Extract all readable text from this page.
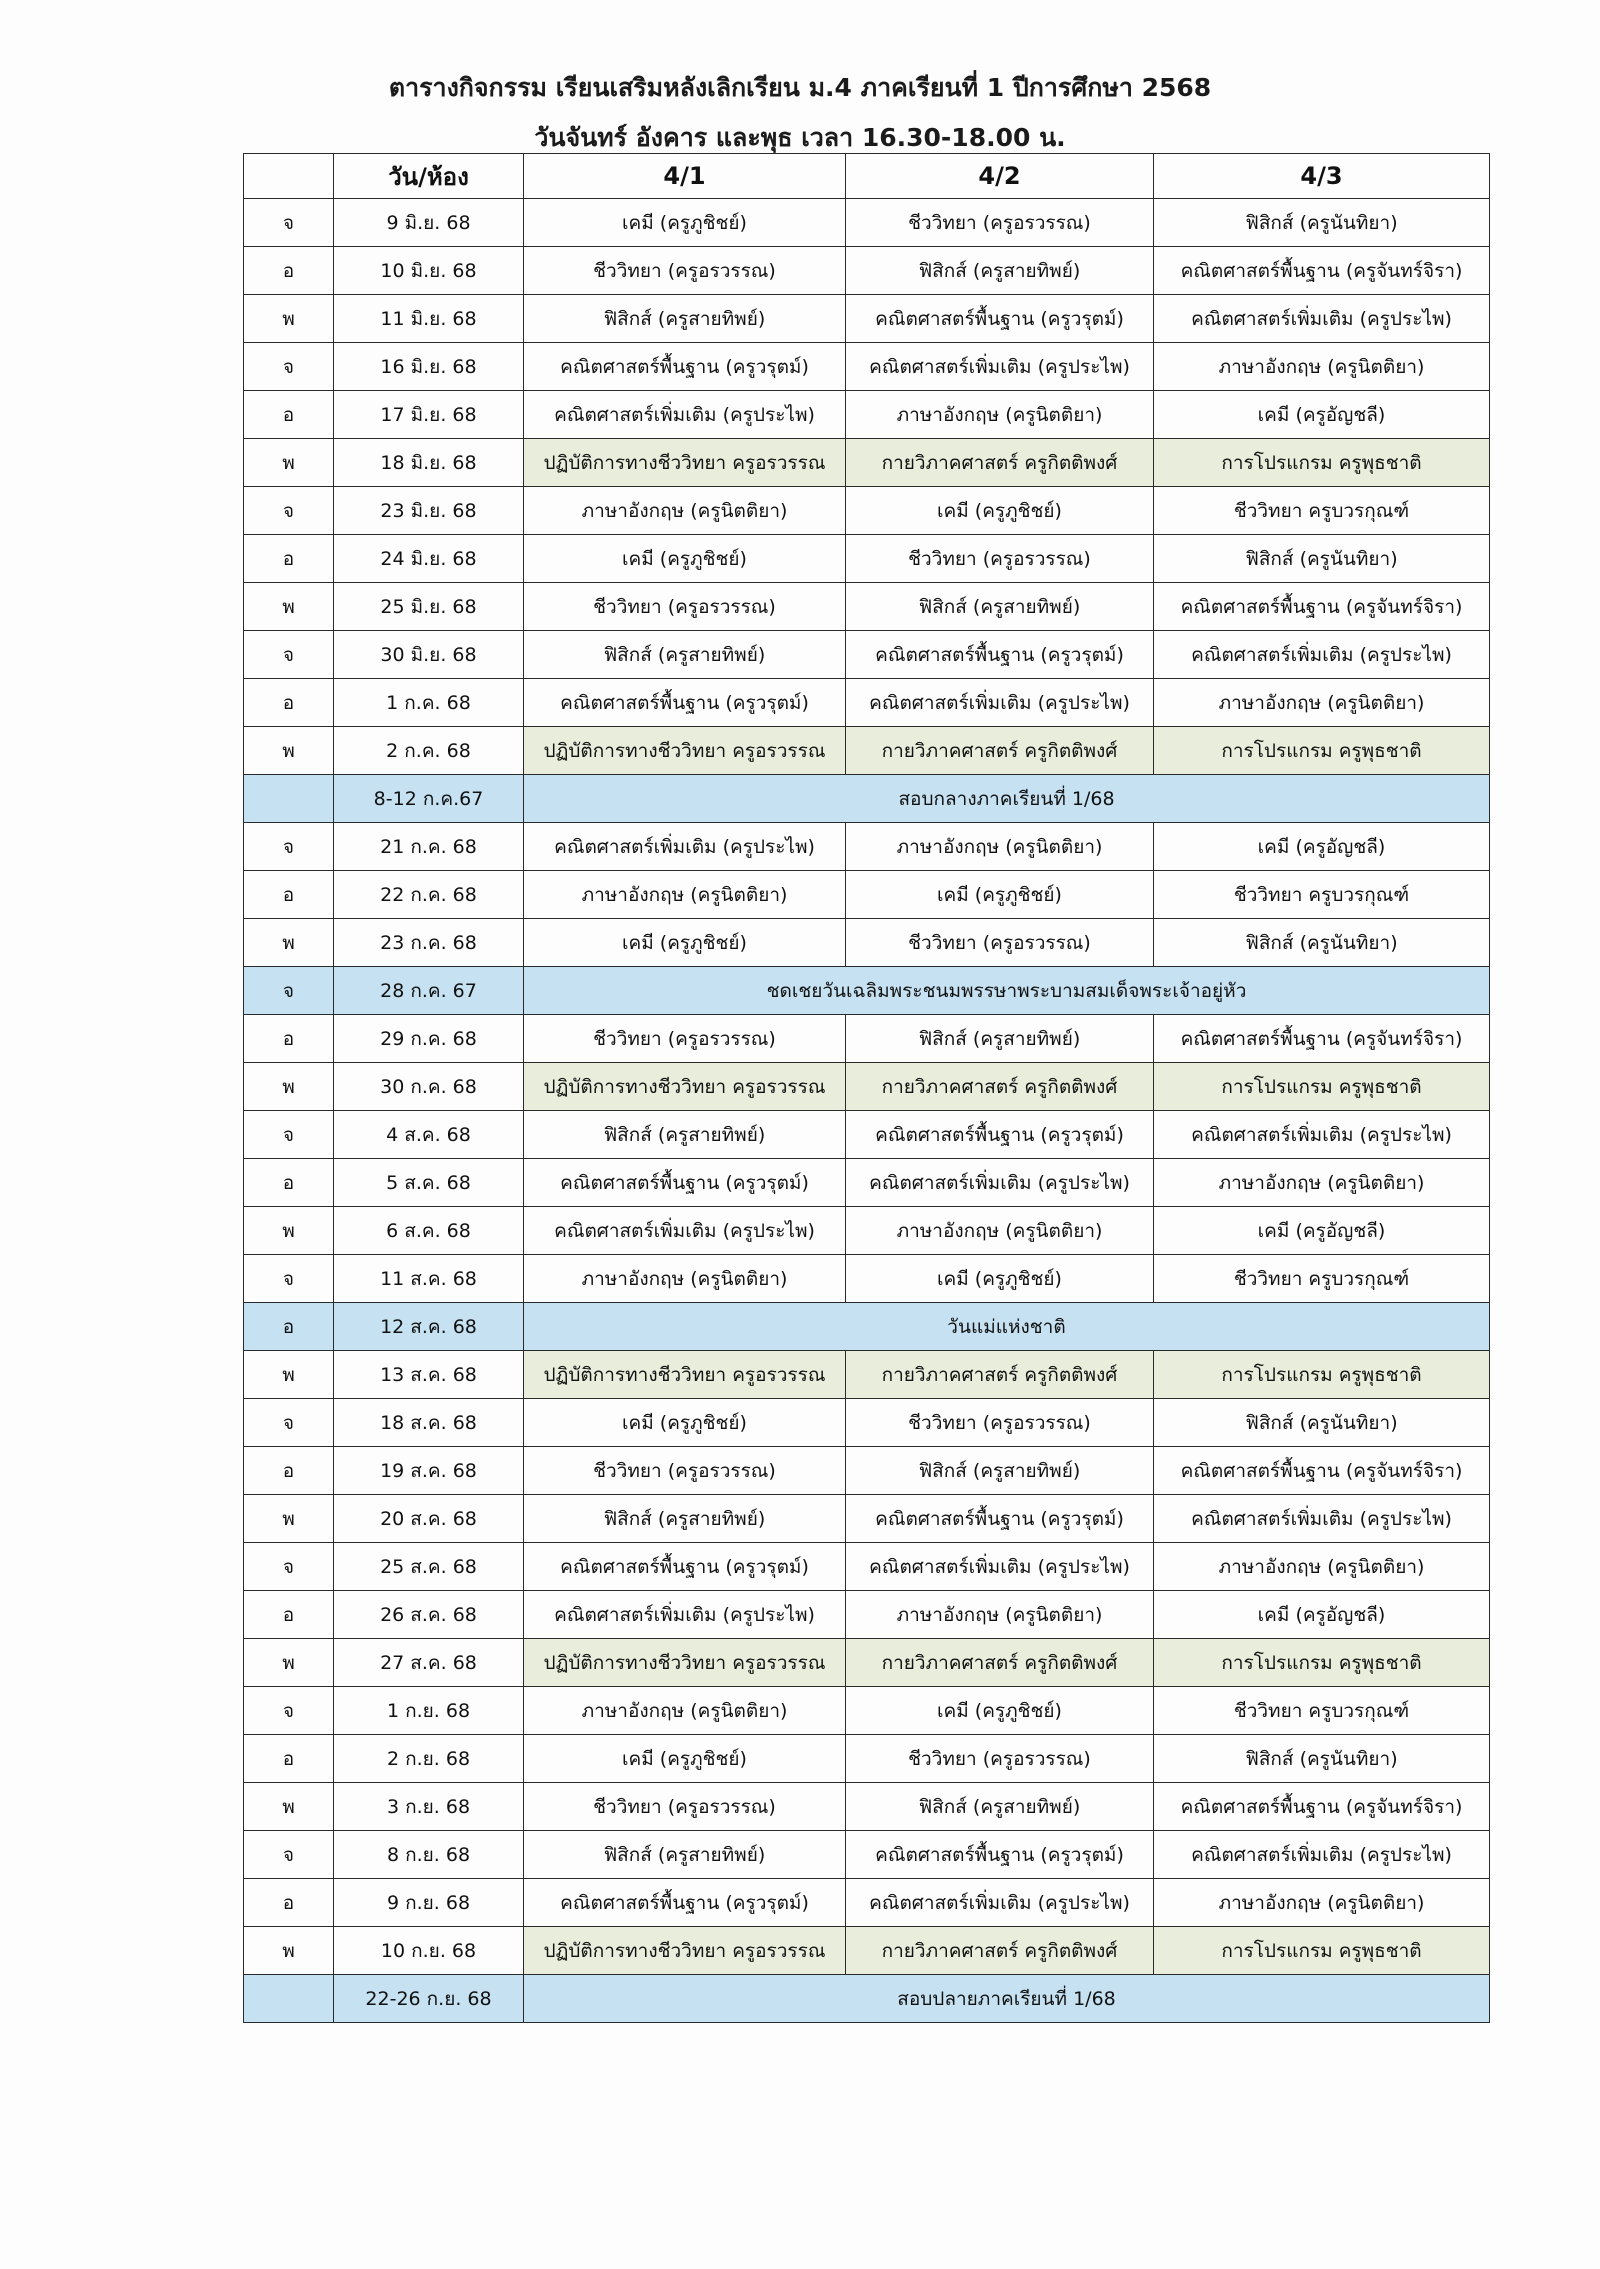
ตารางกิจกรรม เรียนเสริมหลังเลิกเรียน ม.4 ภาคเรียนที่ 1 ปีการศึกษา 2568
วันจันทร์ อังคาร และพุธ เวลา 16.30-18.00 น.
	วัน/ห้อง	4/1	4/2	4/3
จ	9 มิ.ย. 68	เคมี (ครูภูชิชย์)	ชีววิทยา (ครูอรวรรณ)	ฟิสิกส์ (ครูนันทิยา)
อ	10 มิ.ย. 68	ชีววิทยา (ครูอรวรรณ)	ฟิสิกส์ (ครูสายทิพย์)	คณิตศาสตร์พื้นฐาน (ครูจันทร์จิรา)
พ	11 มิ.ย. 68	ฟิสิกส์ (ครูสายทิพย์)	คณิตศาสตร์พื้นฐาน (ครูวรุตม์)	คณิตศาสตร์เพิ่มเติม (ครูประไพ)
จ	16 มิ.ย. 68	คณิตศาสตร์พื้นฐาน (ครูวรุตม์)	คณิตศาสตร์เพิ่มเติม (ครูประไพ)	ภาษาอังกฤษ (ครูนิตติยา)
อ	17 มิ.ย. 68	คณิตศาสตร์เพิ่มเติม (ครูประไพ)	ภาษาอังกฤษ (ครูนิตติยา)	เคมี (ครูอัญชลี)
พ	18 มิ.ย. 68	ปฏิบัติการทางชีววิทยา ครูอรวรรณ	กายวิภาคศาสตร์ ครูกิตติพงศ์	การโปรแกรม ครูพุธชาติ
จ	23 มิ.ย. 68	ภาษาอังกฤษ (ครูนิตติยา)	เคมี (ครูภูชิชย์)	ชีววิทยา ครูบวรกุณฑ์
อ	24 มิ.ย. 68	เคมี (ครูภูชิชย์)	ชีววิทยา (ครูอรวรรณ)	ฟิสิกส์ (ครูนันทิยา)
พ	25 มิ.ย. 68	ชีววิทยา (ครูอรวรรณ)	ฟิสิกส์ (ครูสายทิพย์)	คณิตศาสตร์พื้นฐาน (ครูจันทร์จิรา)
จ	30 มิ.ย. 68	ฟิสิกส์ (ครูสายทิพย์)	คณิตศาสตร์พื้นฐาน (ครูวรุตม์)	คณิตศาสตร์เพิ่มเติม (ครูประไพ)
อ	1 ก.ค. 68	คณิตศาสตร์พื้นฐาน (ครูวรุตม์)	คณิตศาสตร์เพิ่มเติม (ครูประไพ)	ภาษาอังกฤษ (ครูนิตติยา)
พ	2 ก.ค. 68	ปฏิบัติการทางชีววิทยา ครูอรวรรณ	กายวิภาคศาสตร์ ครูกิตติพงศ์	การโปรแกรม ครูพุธชาติ
	8-12 ก.ค.67	สอบกลางภาคเรียนที่ 1/68		
จ	21 ก.ค. 68	คณิตศาสตร์เพิ่มเติม (ครูประไพ)	ภาษาอังกฤษ (ครูนิตติยา)	เคมี (ครูอัญชลี)
อ	22 ก.ค. 68	ภาษาอังกฤษ (ครูนิตติยา)	เคมี (ครูภูชิชย์)	ชีววิทยา ครูบวรกุณฑ์
พ	23 ก.ค. 68	เคมี (ครูภูชิชย์)	ชีววิทยา (ครูอรวรรณ)	ฟิสิกส์ (ครูนันทิยา)
จ	28 ก.ค. 67	ชดเชยวันเฉลิมพระชนมพรรษาพระบามสมเด็จพระเจ้าอยู่หัว		
อ	29 ก.ค. 68	ชีววิทยา (ครูอรวรรณ)	ฟิสิกส์ (ครูสายทิพย์)	คณิตศาสตร์พื้นฐาน (ครูจันทร์จิรา)
พ	30 ก.ค. 68	ปฏิบัติการทางชีววิทยา ครูอรวรรณ	กายวิภาคศาสตร์ ครูกิตติพงศ์	การโปรแกรม ครูพุธชาติ
จ	4 ส.ค. 68	ฟิสิกส์ (ครูสายทิพย์)	คณิตศาสตร์พื้นฐาน (ครูวรุตม์)	คณิตศาสตร์เพิ่มเติม (ครูประไพ)
อ	5 ส.ค. 68	คณิตศาสตร์พื้นฐาน (ครูวรุตม์)	คณิตศาสตร์เพิ่มเติม (ครูประไพ)	ภาษาอังกฤษ (ครูนิตติยา)
พ	6 ส.ค. 68	คณิตศาสตร์เพิ่มเติม (ครูประไพ)	ภาษาอังกฤษ (ครูนิตติยา)	เคมี (ครูอัญชลี)
จ	11 ส.ค. 68	ภาษาอังกฤษ (ครูนิตติยา)	เคมี (ครูภูชิชย์)	ชีววิทยา ครูบวรกุณฑ์
อ	12 ส.ค. 68	วันแม่แห่งชาติ		
พ	13 ส.ค. 68	ปฏิบัติการทางชีววิทยา ครูอรวรรณ	กายวิภาคศาสตร์ ครูกิตติพงศ์	การโปรแกรม ครูพุธชาติ
จ	18 ส.ค. 68	เคมี (ครูภูชิชย์)	ชีววิทยา (ครูอรวรรณ)	ฟิสิกส์ (ครูนันทิยา)
อ	19 ส.ค. 68	ชีววิทยา (ครูอรวรรณ)	ฟิสิกส์ (ครูสายทิพย์)	คณิตศาสตร์พื้นฐาน (ครูจันทร์จิรา)
พ	20 ส.ค. 68	ฟิสิกส์ (ครูสายทิพย์)	คณิตศาสตร์พื้นฐาน (ครูวรุตม์)	คณิตศาสตร์เพิ่มเติม (ครูประไพ)
จ	25 ส.ค. 68	คณิตศาสตร์พื้นฐาน (ครูวรุตม์)	คณิตศาสตร์เพิ่มเติม (ครูประไพ)	ภาษาอังกฤษ (ครูนิตติยา)
อ	26 ส.ค. 68	คณิตศาสตร์เพิ่มเติม (ครูประไพ)	ภาษาอังกฤษ (ครูนิตติยา)	เคมี (ครูอัญชลี)
พ	27 ส.ค. 68	ปฏิบัติการทางชีววิทยา ครูอรวรรณ	กายวิภาคศาสตร์ ครูกิตติพงศ์	การโปรแกรม ครูพุธชาติ
จ	1 ก.ย. 68	ภาษาอังกฤษ (ครูนิตติยา)	เคมี (ครูภูชิชย์)	ชีววิทยา ครูบวรกุณฑ์
อ	2 ก.ย. 68	เคมี (ครูภูชิชย์)	ชีววิทยา (ครูอรวรรณ)	ฟิสิกส์ (ครูนันทิยา)
พ	3 ก.ย. 68	ชีววิทยา (ครูอรวรรณ)	ฟิสิกส์ (ครูสายทิพย์)	คณิตศาสตร์พื้นฐาน (ครูจันทร์จิรา)
จ	8 ก.ย. 68	ฟิสิกส์ (ครูสายทิพย์)	คณิตศาสตร์พื้นฐาน (ครูวรุตม์)	คณิตศาสตร์เพิ่มเติม (ครูประไพ)
อ	9 ก.ย. 68	คณิตศาสตร์พื้นฐาน (ครูวรุตม์)	คณิตศาสตร์เพิ่มเติม (ครูประไพ)	ภาษาอังกฤษ (ครูนิตติยา)
พ	10 ก.ย. 68	ปฏิบัติการทางชีววิทยา ครูอรวรรณ	กายวิภาคศาสตร์ ครูกิตติพงศ์	การโปรแกรม ครูพุธชาติ
	22-26 ก.ย. 68	สอบปลายภาคเรียนที่ 1/68		
